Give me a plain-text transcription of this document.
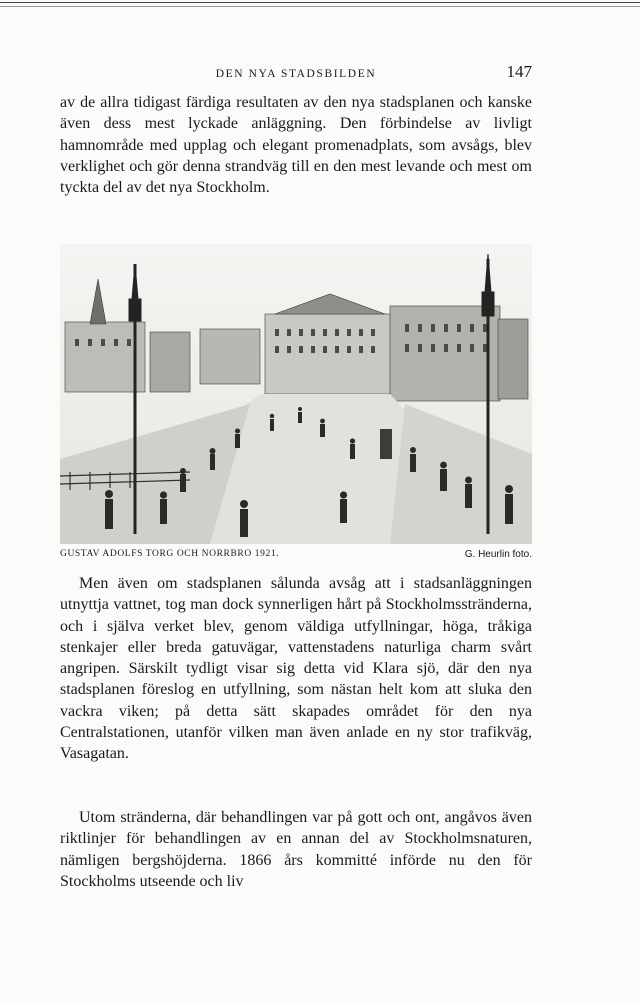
DEN NYA STADSBILDEN	147

av de allra tidigast färdiga resultaten av den nya stadsplanen och kanske även dess mest lyckade anläggning. Den förbindelse av livligt hamnområde med upplag och elegant promenadplats, som avsågs, blev verklighet och gör denna strandväg till en den mest levande och mest om tyckta del av det nya Stockholm.

GUSTAV ADOLFS TORG OCH NORRBRO 1921.	G. Heurlin foto.

Men även om stadsplanen sålunda avsåg att i stadsanläggningen utnyttja vattnet, tog man dock synnerligen hårt på Stockholmsstränderna, och i själva verket blev, genom väldiga utfyllningar, höga, tråkiga stenkajer eller breda gatuvägar, vattenstadens naturliga charm svårt angripen. Särskilt tydligt visar sig detta vid Klara sjö, där den nya stadsplanen föreslog en utfyllning, som nästan helt kom att sluka den vackra viken; på detta sätt skapades området för den nya Centralstationen, utanför vilken man även anlade en ny stor trafikväg, Vasagatan.

Utom stränderna, där behandlingen var på gott och ont, angåvos även riktlinjer för behandlingen av en annan del av Stockholmsnaturen, nämligen bergshöjderna. 1866 års kommitté införde nu den för Stockholms utseende och liv
